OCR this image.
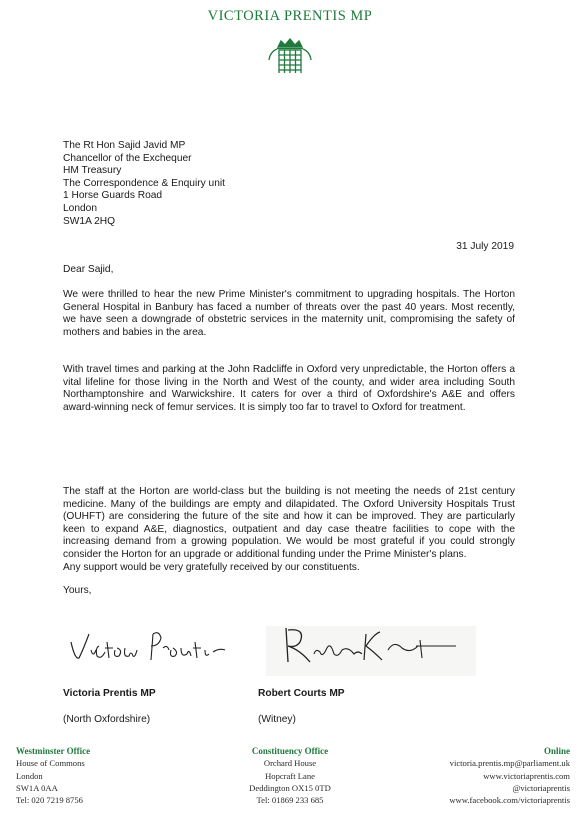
VICTORIA PRENTIS MP
The Rt Hon Sajid Javid MP
Chancellor of the Exchequer
HM Treasury
The Correspondence & Enquiry unit
1 Horse Guards Road
London
SW1A 2HQ
31 July 2019
Dear Sajid,

We were thrilled to hear the new Prime Minister's commitment to upgrading hospitals. The Horton General Hospital in Banbury has faced a number of threats over the past 40 years. Most recently, we have seen a downgrade of obstetric services in the maternity unit, compromising the safety of mothers and babies in the area.

With travel times and parking at the John Radcliffe in Oxford very unpredictable, the Horton offers a vital lifeline for those living in the North and West of the county, and wider area including South Northamptonshire and Warwickshire. It caters for over a third of Oxfordshire's A&E and offers award-winning neck of femur services. It is simply too far to travel to Oxford for treatment.

The staff at the Horton are world-class but the building is not meeting the needs of 21st century medicine. Many of the buildings are empty and dilapidated. The Oxford University Hospitals Trust (OUHFT) are considering the future of the site and how it can be improved. They are particularly keen to expand A&E, diagnostics, outpatient and day case theatre facilities to cope with the increasing demand from a growing population. We would be most grateful if you could strongly consider the Horton for an upgrade or additional funding under the Prime Minister's plans.

Any support would be very gratefully received by our constituents.

Yours,
Victoria Prentis MP	Robert Courts MP
(North Oxfordshire)	(Witney)
Westminster Office
House of Commons
London
SW1A 0AA
Tel: 020 7219 8756
Constituency Office
Orchard House
Hopcraft Lane
Deddington OX15 0TD
Tel: 01869 233 685
Online
victoria.prentis.mp@parliament.uk
www.victoriaprentis.com
@victoriaprentis
www.facebook.com/victoriaprentis
